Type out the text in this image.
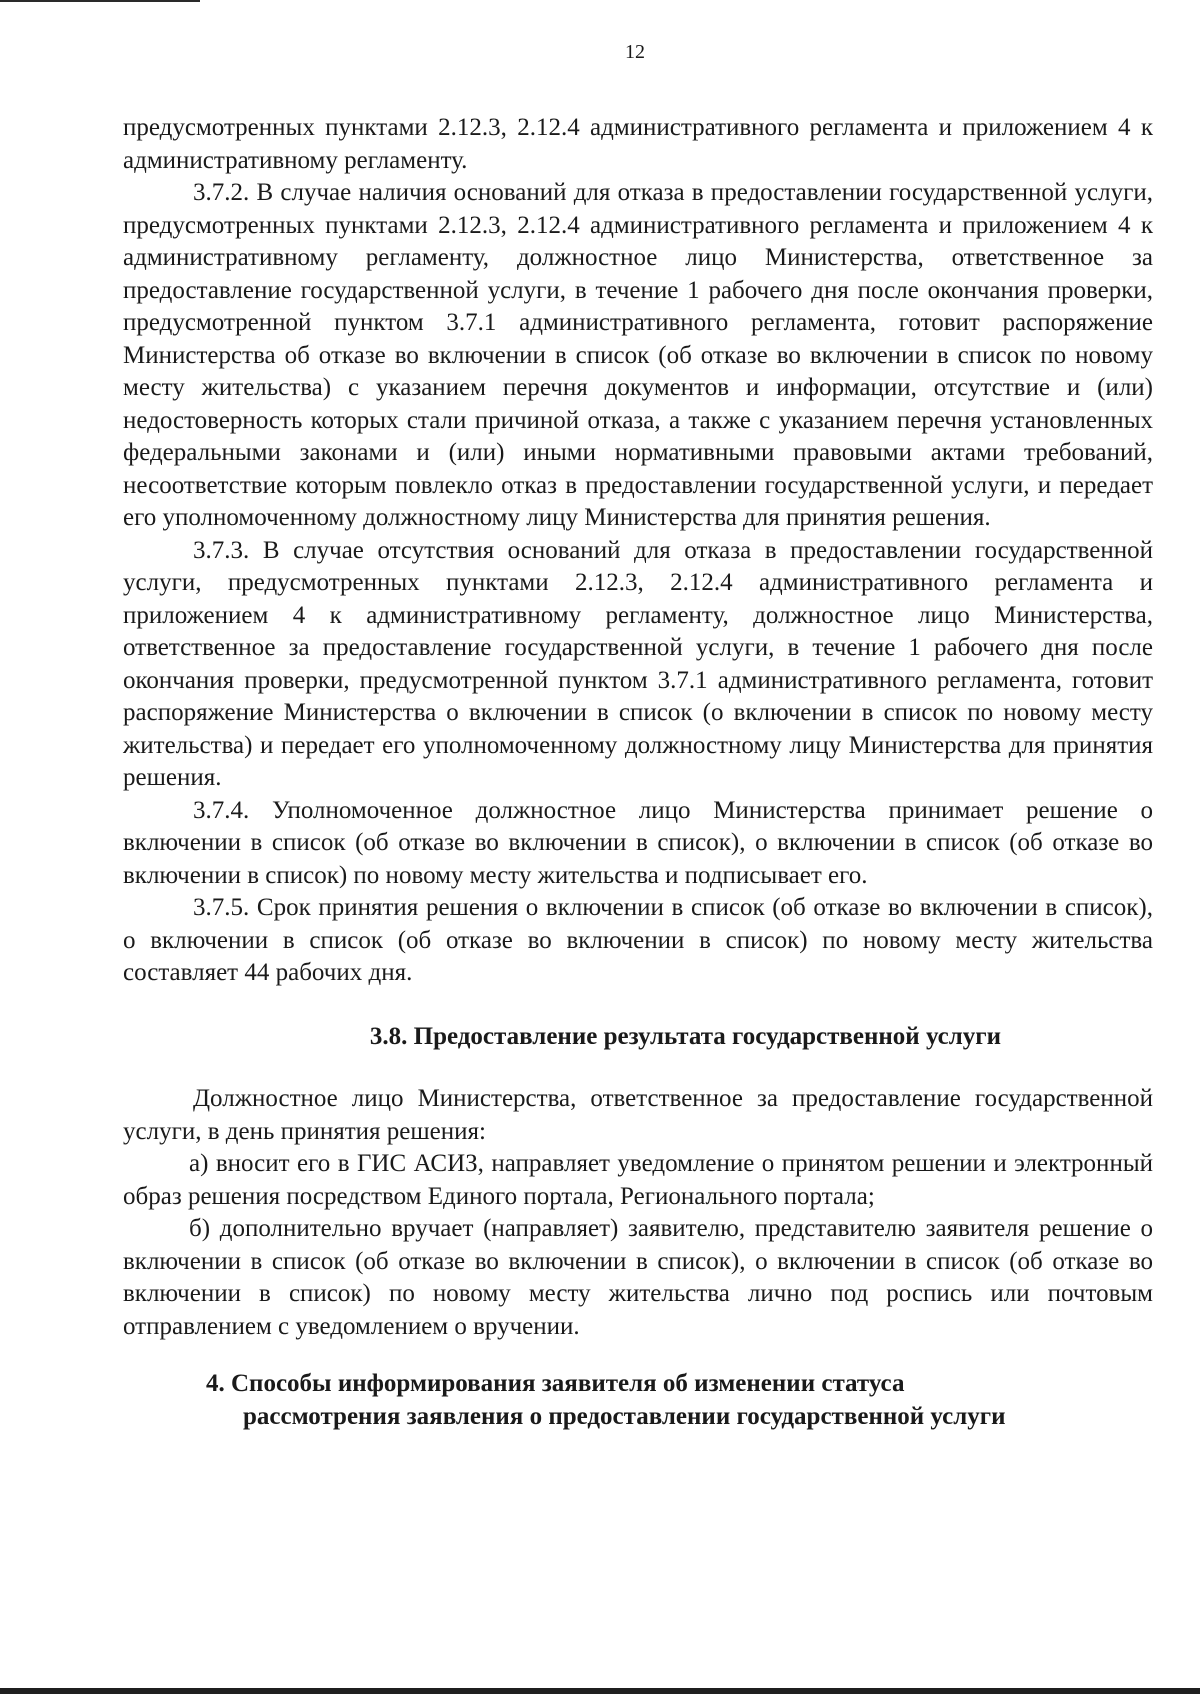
12

предусмотренных пунктами 2.12.3, 2.12.4 административного регламента и приложением 4 к административному регламенту.

3.7.2. В случае наличия оснований для отказа в предоставлении государственной услуги, предусмотренных пунктами 2.12.3, 2.12.4 административного регламента и приложением 4 к административному регламенту, должностное лицо Министерства, ответственное за предоставление государственной услуги, в течение 1 рабочего дня после окончания проверки, предусмотренной пунктом 3.7.1 административного регламента, готовит распоряжение Министерства об отказе во включении в список (об отказе во включении в список по новому месту жительства) с указанием перечня документов и информации, отсутствие и (или) недостоверность которых стали причиной отказа, а также с указанием перечня установленных федеральными законами и (или) иными нормативными правовыми актами требований, несоответствие которым повлекло отказ в предоставлении государственной услуги, и передает его уполномоченному должностному лицу Министерства для принятия решения.

3.7.3. В случае отсутствия оснований для отказа в предоставлении государственной услуги, предусмотренных пунктами 2.12.3, 2.12.4 административного регламента и приложением 4 к административному регламенту, должностное лицо Министерства, ответственное за предоставление государственной услуги, в течение 1 рабочего дня после окончания проверки, предусмотренной пунктом 3.7.1 административного регламента, готовит распоряжение Министерства о включении в список (о включении в список по новому месту жительства) и передает его уполномоченному должностному лицу Министерства для принятия решения.

3.7.4. Уполномоченное должностное лицо Министерства принимает решение о включении в список (об отказе во включении в список), о включении в список (об отказе во включении в список) по новому месту жительства и подписывает его.

3.7.5. Срок принятия решения о включении в список (об отказе во включении в список), о включении в список (об отказе во включении в список) по новому месту жительства составляет 44 рабочих дня.

3.8. Предоставление результата государственной услуги

Должностное лицо Министерства, ответственное за предоставление государственной услуги, в день принятия решения:

а) вносит его в ГИС АСИЗ, направляет уведомление о принятом решении и электронный образ решения посредством Единого портала, Регионального портала;

б) дополнительно вручает (направляет) заявителю, представителю заявителя решение о включении в список (об отказе во включении в список), о включении в список (об отказе во включении в список) по новому месту жительства лично под роспись или почтовым отправлением с уведомлением о вручении.

4. Способы информирования заявителя об изменении статуса
рассмотрения заявления о предоставлении государственной услуги
